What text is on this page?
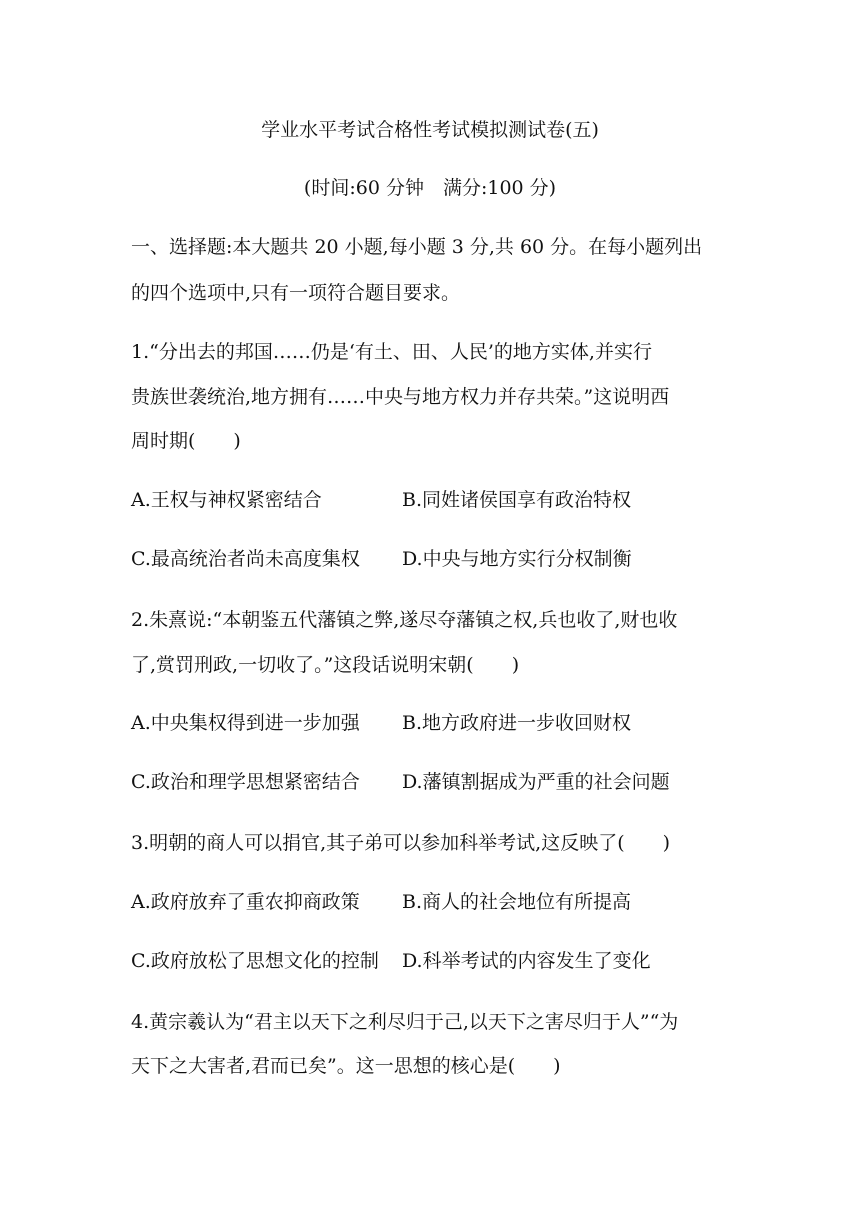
学业水平考试合格性考试模拟测试卷(五)
(时间:60 分钟　满分:100 分)
一、选择题:本大题共 20 小题,每小题 3 分,共 60 分。在每小题列出
的四个选项中,只有一项符合题目要求。
1.“分出去的邦国……仍是‘有土、田、人民’的地方实体,并实行
贵族世袭统治,地方拥有……中央与地方权力并存共荣。”这说明西
周时期(　　)
A.王权与神权紧密结合	B.同姓诸侯国享有政治特权
C.最高统治者尚未高度集权 D.中央与地方实行分权制衡
2.朱熹说:“本朝鉴五代藩镇之弊,遂尽夺藩镇之权,兵也收了,财也收
了,赏罚刑政,一切收了。”这段话说明宋朝(　　)
A.中央集权得到进一步加强 B.地方政府进一步收回财权
C.政治和理学思想紧密结合 D.藩镇割据成为严重的社会问题
3.明朝的商人可以捐官,其子弟可以参加科举考试,这反映了(　　)
A.政府放弃了重农抑商政策 B.商人的社会地位有所提高
C.政府放松了思想文化的控制 D.科举考试的内容发生了变化
4.黄宗羲认为“君主以天下之利尽归于己,以天下之害尽归于人”“为
天下之大害者,君而已矣”。这一思想的核心是(　　)
